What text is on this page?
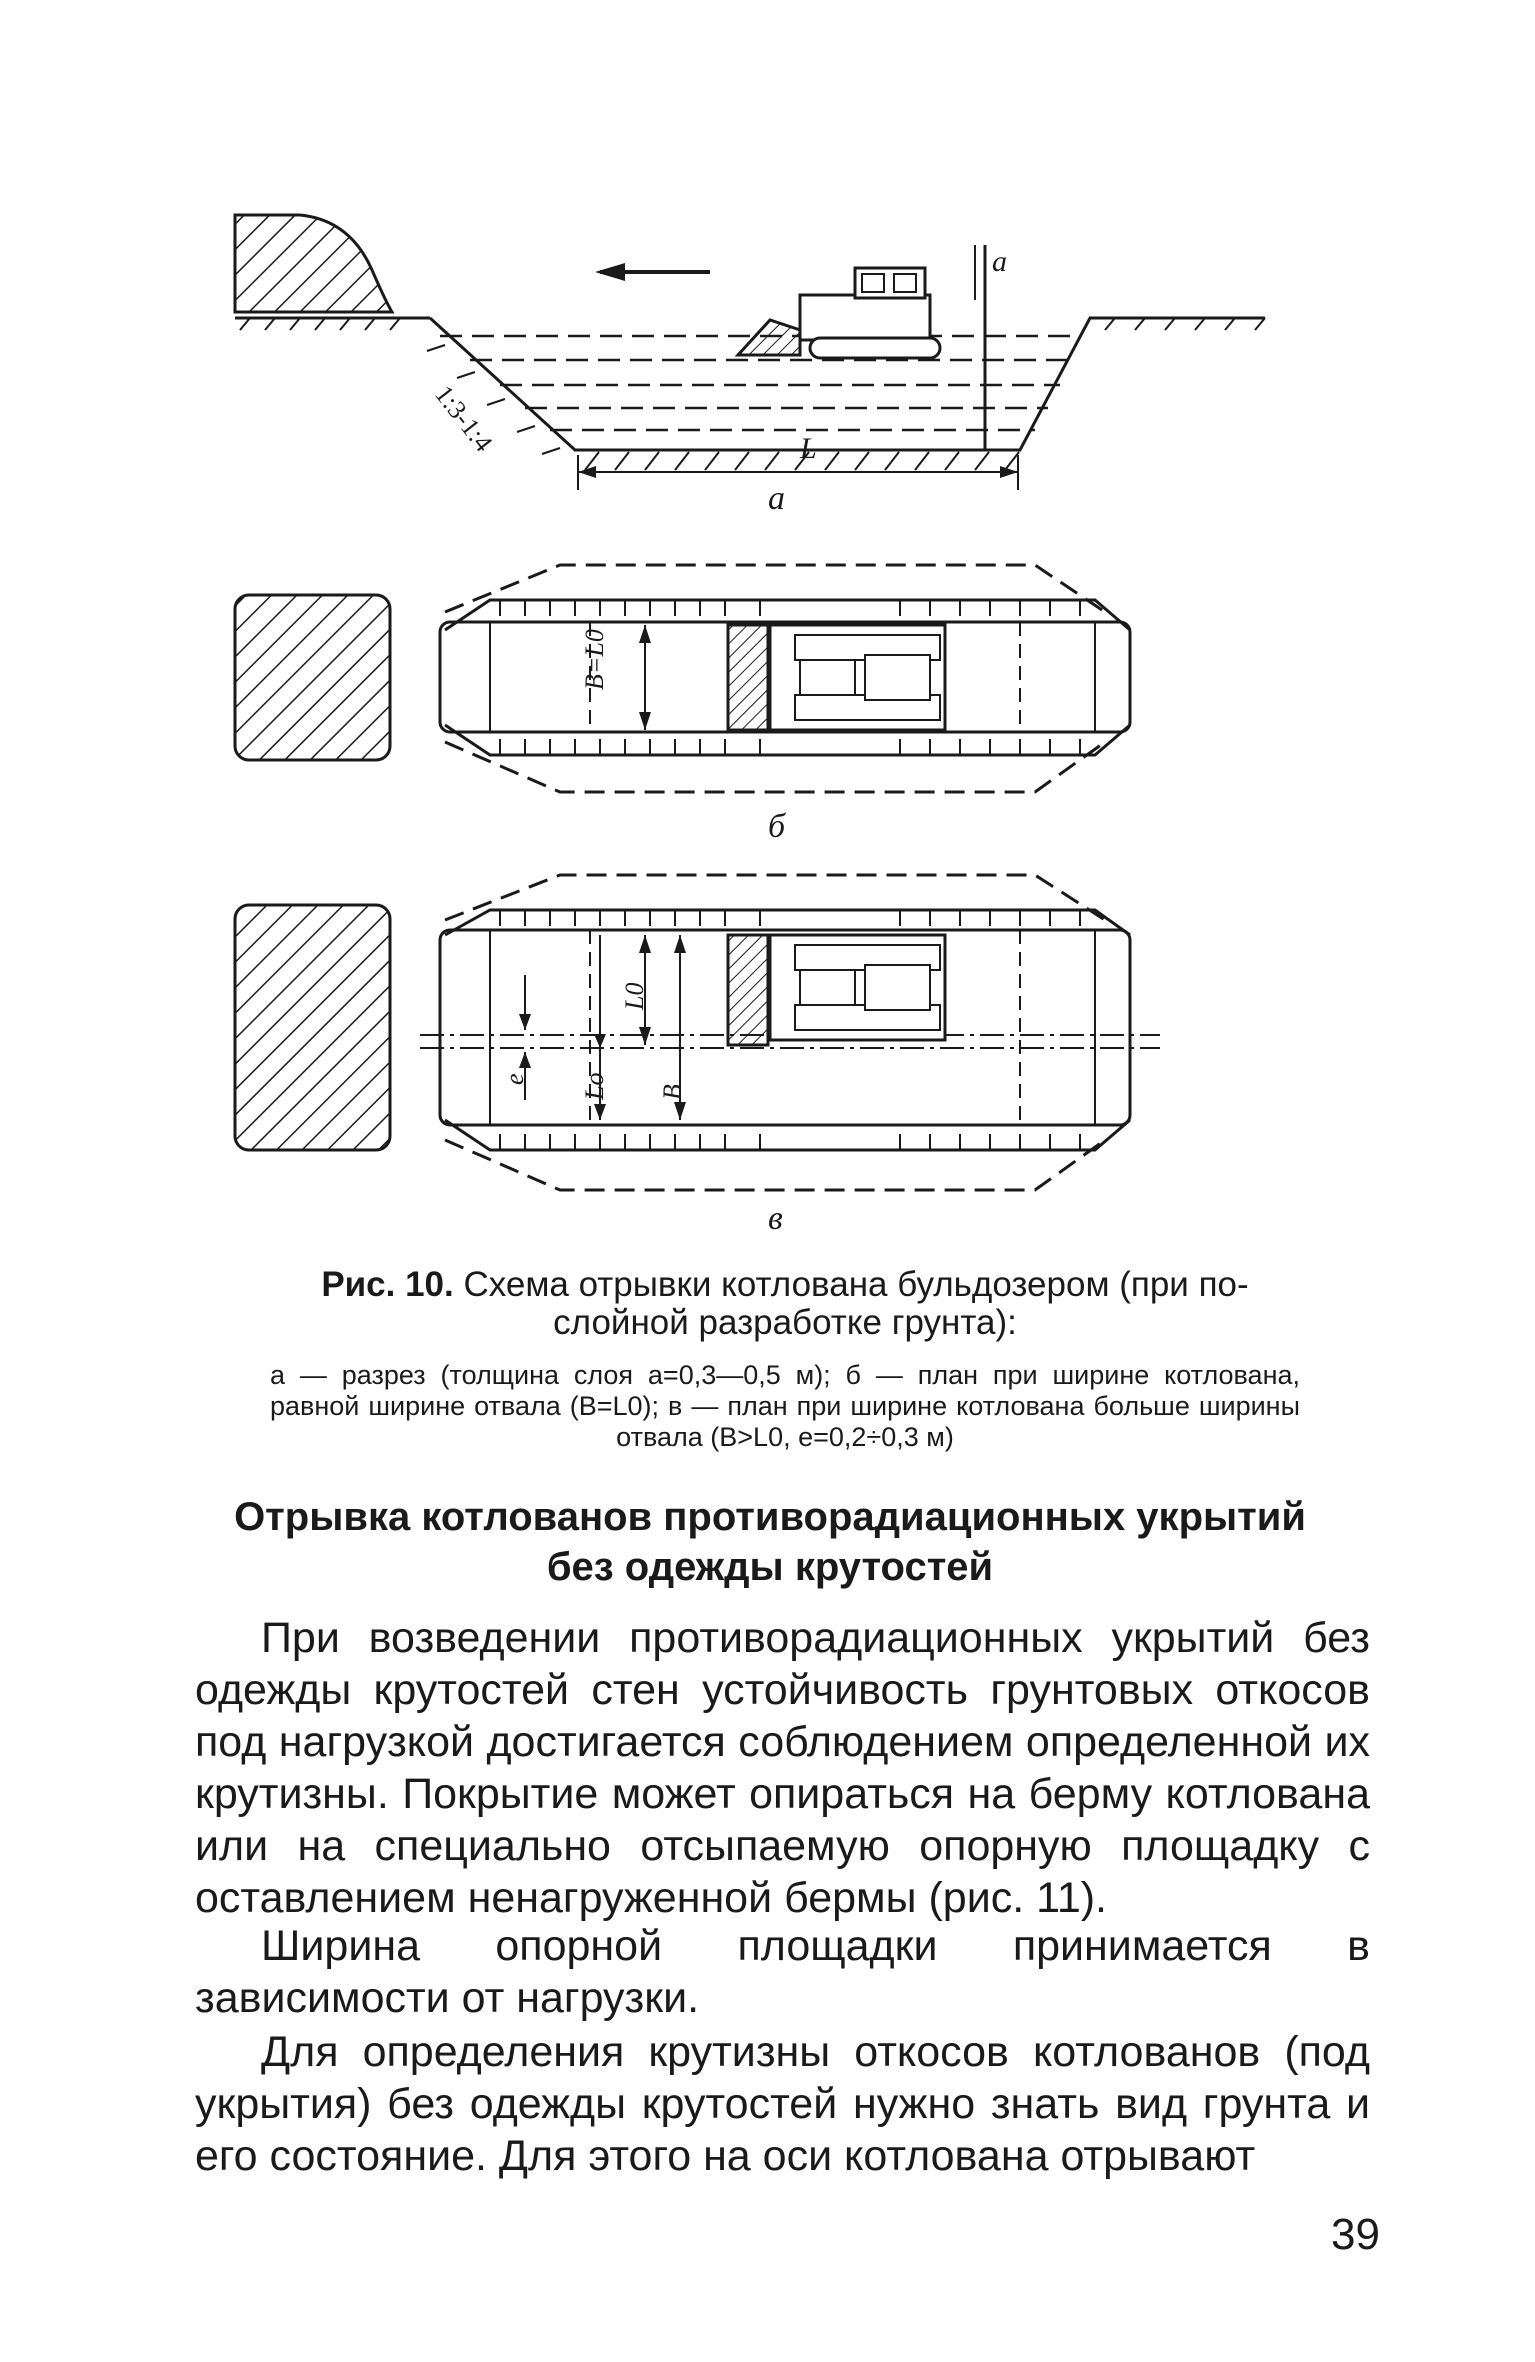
а
б
в
a
L
1:3-1:4
B=L0
L0
B
e Lo
Рис. 10. Схема отрывки котлована бульдозером (при по-слойной разработке грунта):
а — разрез (толщина слоя а=0,3—0,5 м); б — план при ширине котлована, равной ширине отвала (B=L0); в — план при ширине котлована больше ширины отвала (B>L0, e=0,2÷0,3 м)
Отрывка котлованов противорадиационных укрытий без одежды крутостей

При возведении противорадиационных укрытий без одежды крутостей стен устойчивость грунтовых откосов под нагрузкой достигается соблюдением определенной их крутизны. Покрытие может опираться на берму котлована или на специально отсыпаемую опорную площадку с оставлением ненагруженной бермы (рис. 11).

Ширина опорной площадки принимается в зависимости от нагрузки.

Для определения крутизны откосов котлованов (под укрытия) без одежды крутостей нужно знать вид грунта и его состояние. Для этого на оси котлована отрывают

39
